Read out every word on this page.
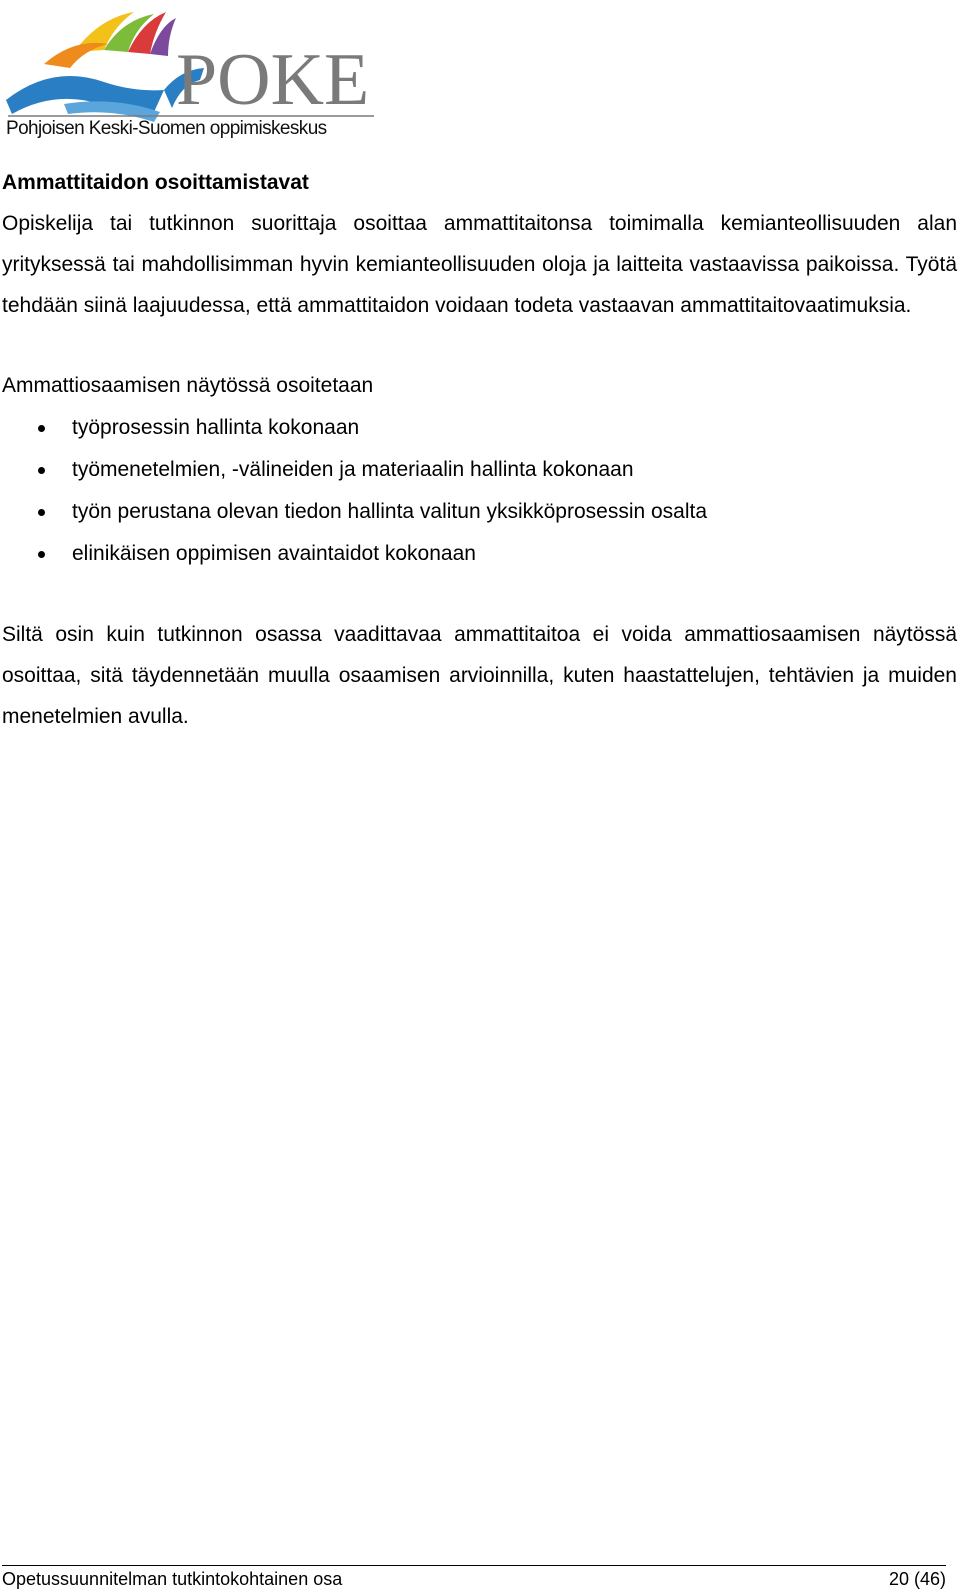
POKE
Pohjoisen Keski-Suomen oppimiskeskus

Ammattitaidon osoittamistavat

Opiskelija tai tutkinnon suorittaja osoittaa ammattitaitonsa toimimalla kemianteollisuuden alan yrityksessä tai mahdollisimman hyvin kemianteollisuuden oloja ja laitteita vastaavissa paikoissa. Työtä tehdään siinä laajuudessa, että ammattitaidon voidaan todeta vastaavan ammattitaitovaatimuksia.

Ammattiosaamisen näytössä osoitetaan

työprosessin hallinta kokonaan
työmenetelmien, -välineiden ja materiaalin hallinta kokonaan
työn perustana olevan tiedon hallinta valitun yksikköprosessin osalta
elinikäisen oppimisen avaintaidot kokonaan

Siltä osin kuin tutkinnon osassa vaadittavaa ammattitaitoa ei voida ammattiosaamisen näytössä osoittaa, sitä täydennetään muulla osaamisen arvioinnilla, kuten haastattelujen, tehtävien ja muiden menetelmien avulla.

Opetussuunnitelman tutkintokohtainen osa	20 (46)
